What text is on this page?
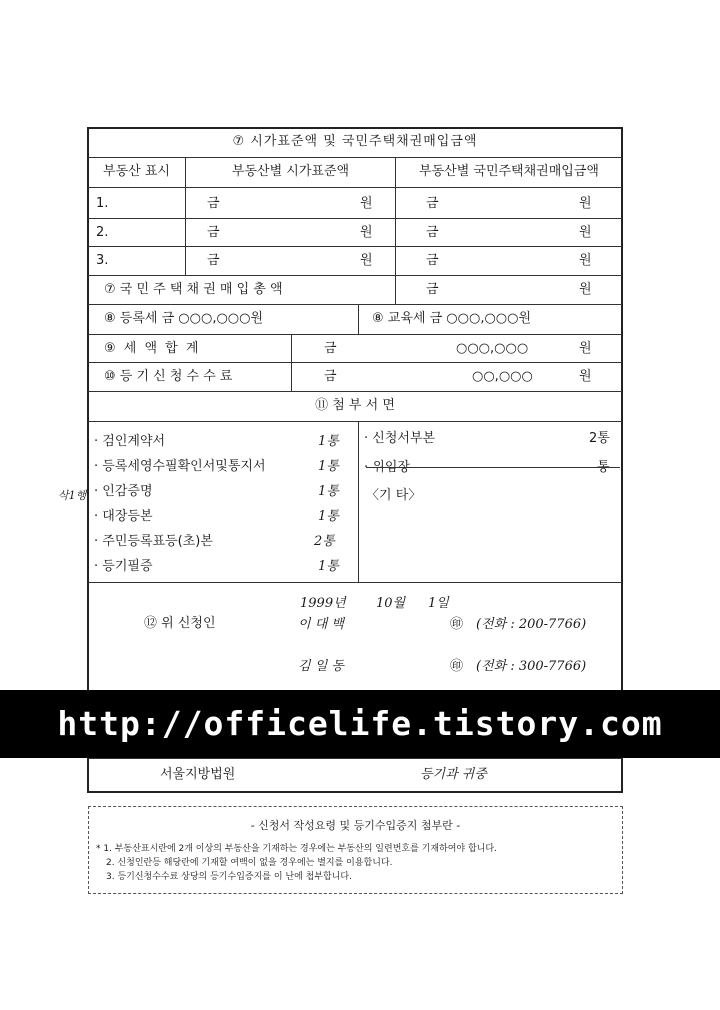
⑦ 시가표준액 및 국민주택채권매입금액
부동산 표시	부동산별 시가표준액	부동산별 국민주택채권매입금액
1.	금	원	금	원
2.	금	원	금	원
3.	금	원	금	원
⑦ 국 민 주 택 채 권 매 입 총 액	금	원
⑧ 등록세 금 ○○○,○○○원	⑧ 교육세 금 ○○○,○○○원
⑨ 세 액 합 계	금	○○○,○○○	원
⑩ 등 기 신 청 수 수 료	금	○○,○○○	원
⑪ 첨 부 서 면
· 검인계약서	1통
· 등록세영수필확인서및통지서	1통
· 인감증명	1통
· 대장등본	1통
· 주민등록표등(초)본	2통
· 등기필증	1통
· 신청서부본	2통
· 위임장	통
〈기 타〉
삭1행
1999년 10월 1일
⑫ 위 신청인	이 대 백	㊞ (전화 : 200-7766)
김 일 동	㊞ (전화 : 300-7766)
서울지방법원	등기과 귀중
http://officelife.tistory.com
- 신청서 작성요령 및 등기수입증지 첨부란 -
* 1. 부동산표시란에 2개 이상의 부동산을 기재하는 경우에는 부동산의 일련번호를 기재하여야 합니다.
2. 신청인란등 해당란에 기재할 여백이 없을 경우에는 별지를 이용합니다.
3. 등기신청수수료 상당의 등기수입증지를 이 난에 첩부합니다.
